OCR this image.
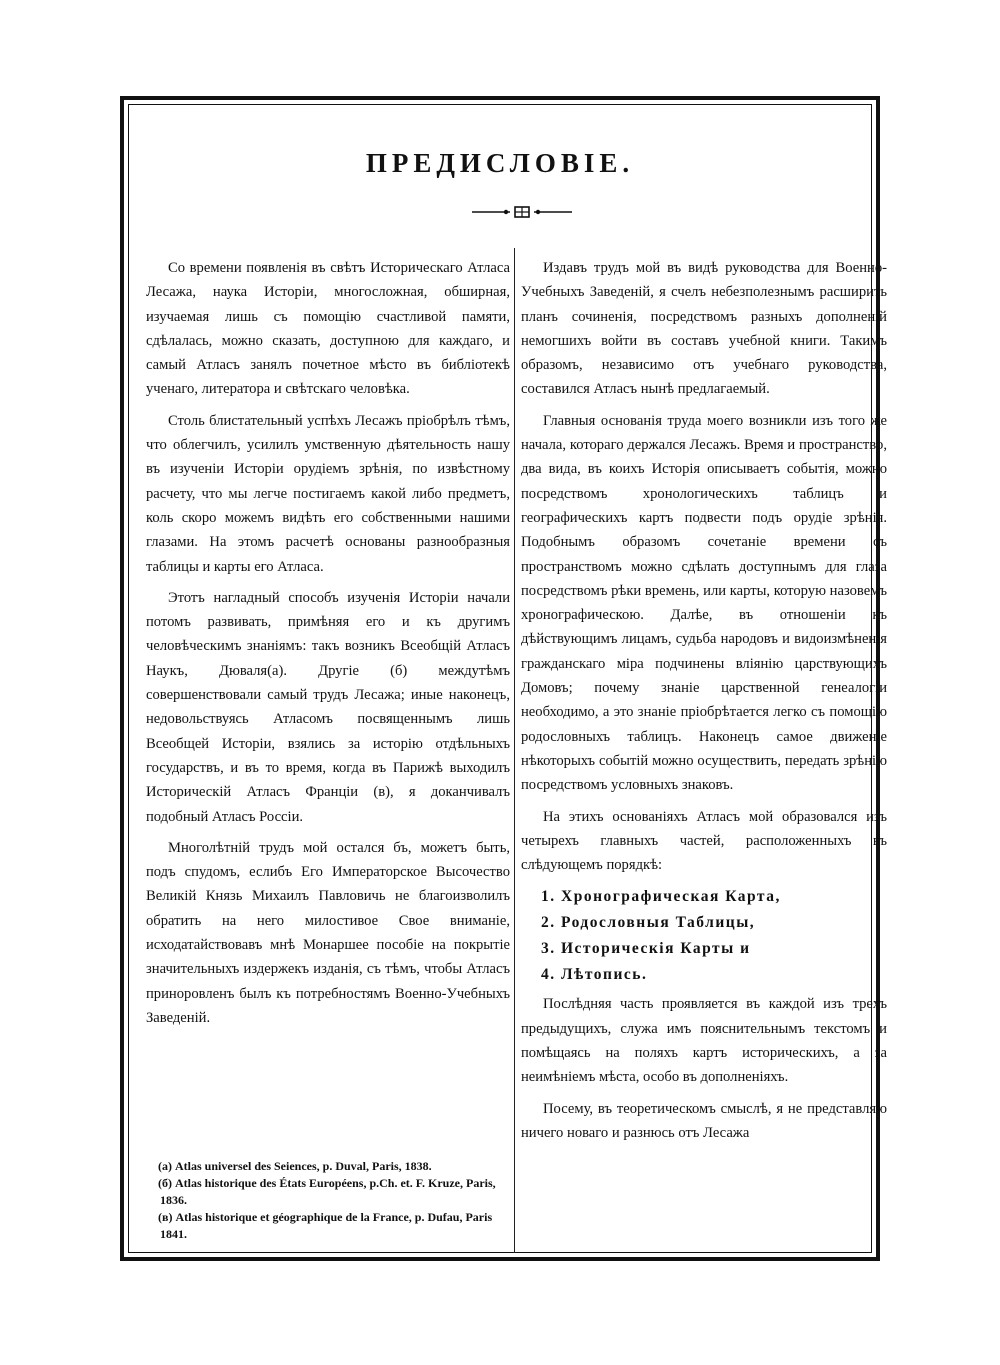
ПРЕДИСЛОВІЕ.

Со времени появленія въ свѣтъ Историческаго Атласа Лесажа, наука Исторіи, многосложная, обширная, изучаемая лишь съ помощію счастливой памяти, сдѣлалась, можно сказать, доступною для каждаго, и самый Атласъ занялъ почетное мѣсто въ библіотекѣ ученаго, литератора и свѣтскаго человѣка.

Столь блистательный успѣхъ Лесажъ пріобрѣлъ тѣмъ, что облегчилъ, усилилъ умственную дѣятельность нашу въ изученіи Исторіи орудіемъ зрѣнія, по извѣстному расчету, что мы легче постигаемъ какой либо предметъ, коль скоро можемъ видѣть его собственными нашими глазами. На этомъ расчетѣ основаны разнообразныя таблицы и карты его Атласа.

Этотъ нагладный способъ изученія Исторіи начали потомъ развивать, примѣняя его и къ другимъ человѣческимъ знаніямъ: такъ возникъ Всеобщій Атласъ Наукъ, Дюваля(а). Другіе (б) междутѣмъ совершенствовали самый трудъ Лесажа; иные наконецъ, недовольствуясь Атласомъ посвященнымъ лишь Всеобщей Исторіи, взялись за исторію отдѣльныхъ государствъ, и въ то время, когда въ Парижѣ выходилъ Историческій Атласъ Франціи (в), я доканчивалъ подобный Атласъ Россіи.

Многолѣтній трудъ мой остался бъ, можетъ быть, подъ спудомъ, еслибъ Его Императорское Высочество Великій Князь Михаилъ Павловичь не благоизволилъ обратить на него милостивое Свое вниманіе, исходатайствовавъ мнѣ Монаршее пособіе на покрытіе значительныхъ издержекъ изданія, съ тѣмъ, чтобы Атласъ приноровленъ былъ къ потребностямъ Военно-Учебныхъ Заведеній.

(а) Atlas universel des Seiences, p. Duval, Paris, 1838.

(б) Atlas historique des États Européens, p.Ch. et. F. Kruze, Paris, 1836.

(в) Atlas historique et géographique de la France, p. Dufau, Paris 1841.

Издавъ трудъ мой въ видѣ руководства для Военно-Учебныхъ Заведеній, я счелъ небезполезнымъ расширить планъ сочиненія, посредствомъ разныхъ дополненій немогшихъ войти въ составъ учебной книги. Такимъ образомъ, независимо отъ учебнаго руководства, составился Атласъ нынѣ предлагаемый.

Главныя основанія труда моего возникли изъ того же начала, котораго держался Лесажъ. Время и пространство, два вида, въ коихъ Исторія описываетъ событія, можно посредствомъ хронологическихъ таблицъ и географическихъ картъ подвести подъ орудіе зрѣнія. Подобнымъ образомъ сочетаніе времени съ пространствомъ можно сдѣлать доступнымъ для глаза посредствомъ рѣки времень, или карты, которую назовемъ хронографическою. Далѣе, въ отношеніи къ дѣйствующимъ лицамъ, судьба народовъ и видоизмѣненія гражданскаго міра подчинены вліянію царствующихъ Домовъ; почему знаніе царственной генеалогіи необходимо, а это знаніе пріобрѣтается легко съ помощію родословныхъ таблицъ. Наконецъ самое движеніе нѣкоторыхъ событій можно осуществить, передать зрѣнію посредствомъ условныхъ знаковъ.

На этихъ основаніяхъ Атласъ мой образовался изъ четырехъ главныхъ частей, расположенныхъ въ слѣдующемъ порядкѣ:

1. Хронографическая Карта,
2. Родословныя Таблицы,
3. Историческія Карты и
4. Лѣтопись.

Послѣдняя часть проявляется въ каждой изъ трехъ предыдущихъ, служа имъ пояснительнымъ текстомъ и помѣщаясь на поляхъ картъ историческихъ, а за неимѣніемъ мѣста, особо въ дополненіяхъ.

Посему, въ теоретическомъ смыслѣ, я не представляю ничего новаго и разнюсь отъ Лесажа
